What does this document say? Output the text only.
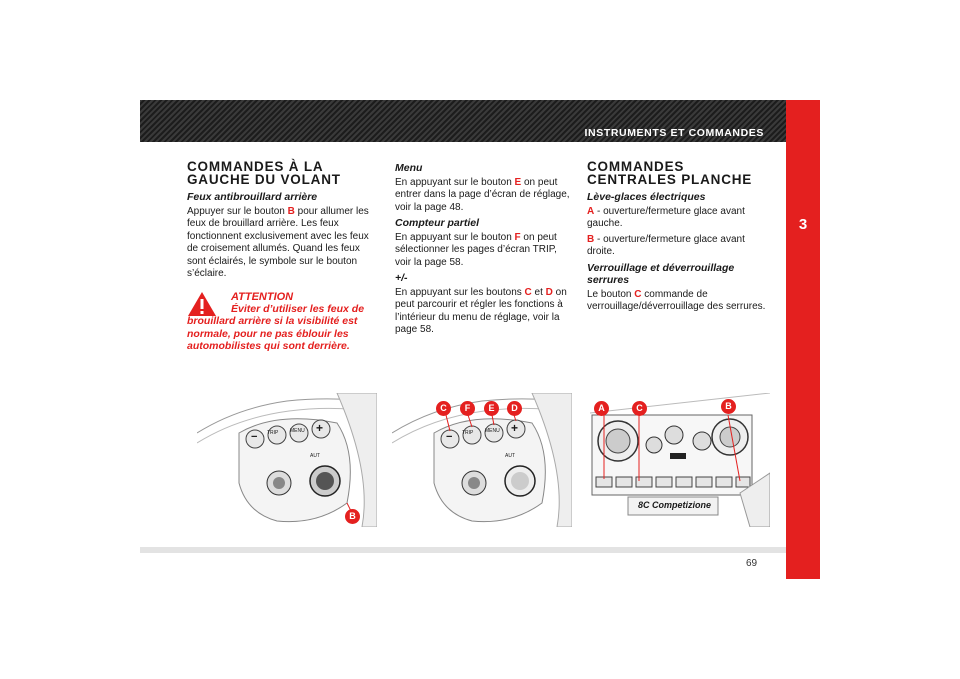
INSTRUMENTS ET COMMANDES
3
COMMANDES À LA
GAUCHE DU VOLANT
Feux antibrouillard arrière
Appuyer sur le bouton B pour allumer les feux de brouillard arrière. Les feux fonctionnent exclusivement avec les feux de croisement allumés. Quand les feux sont éclairés, le symbole sur le bouton s’éclaire.
ATTENTION
Éviter d’utiliser les feux de brouillard arrière si la visibilité est normale, pour ne pas éblouir les automobilistes qui sont derrière.
Menu
En appuyant sur le bouton E on peut entrer dans la page d’écran de réglage, voir la page 48.
Compteur partiel
En appuyant sur le bouton F on peut sélectionner les pages d’écran TRIP, voir la page 58.
+/-
En appuyant sur les boutons C et D on peut parcourir et régler les fonctions à l’intérieur du menu de réglage, voir la page 58.
COMMANDES
CENTRALES PLANCHE
Lève-glaces électriques
A - ouverture/fermeture glace avant gauche.
B - ouverture/fermeture glace avant droite.
Verrouillage et déverrouillage serrures
Le bouton C commande de verrouillage/déverrouillage des serrures.
TRIP MENU
−
+
AUT
B
TRIP MENU
−
+
AUT
C	F	E	D
8C Competizione
A	C	B
69
